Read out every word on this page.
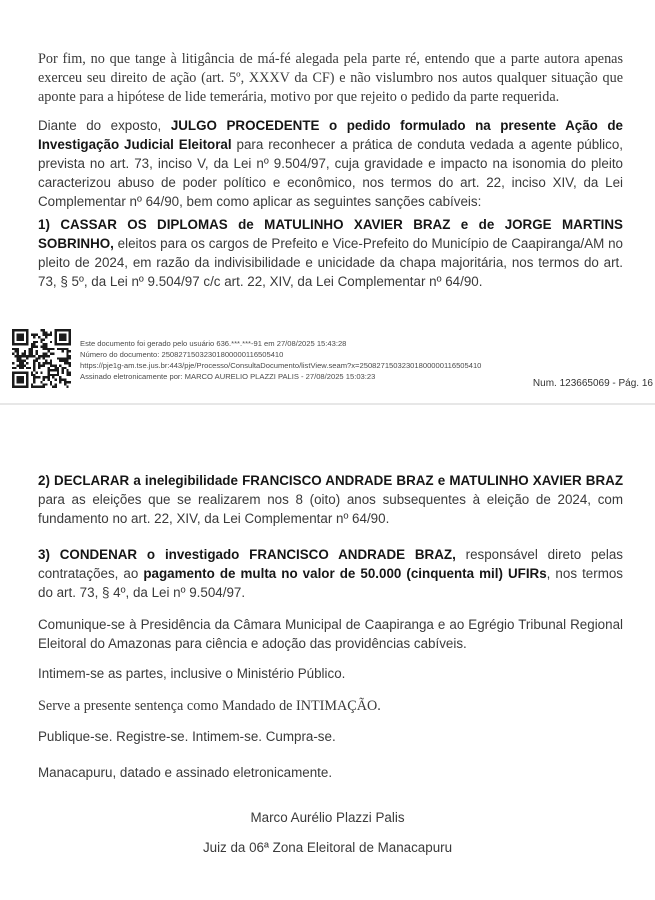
Por fim, no que tange à litigância de má-fé alegada pela parte ré, entendo que a parte autora apenas exerceu seu direito de ação (art. 5º, XXXV da CF) e não vislumbro nos autos qualquer situação que aponte para a hipótese de lide temerária, motivo por que rejeito o pedido da parte requerida.

Diante do exposto, JULGO PROCEDENTE o pedido formulado na presente Ação de Investigação Judicial Eleitoral para reconhecer a prática de conduta vedada a agente público, prevista no art. 73, inciso V, da Lei nº 9.504/97, cuja gravidade e impacto na isonomia do pleito caracterizou abuso de poder político e econômico, nos termos do art. 22, inciso XIV, da Lei Complementar nº 64/90, bem como aplicar as seguintes sanções cabíveis:

1) CASSAR OS DIPLOMAS de MATULINHO XAVIER BRAZ e de JORGE MARTINS SOBRINHO, eleitos para os cargos de Prefeito e Vice-Prefeito do Município de Caapiranga/AM no pleito de 2024, em razão da indivisibilidade e unicidade da chapa majoritária, nos termos do art. 73, § 5º, da Lei nº 9.504/97 c/c art. 22, XIV, da Lei Complementar nº 64/90.

Este documento foi gerado pelo usuário 636.***.***-91 em 27/08/2025 15:43:28
Número do documento: 25082715032301800000116505410
https://pje1g-am.tse.jus.br:443/pje/Processo/ConsultaDocumento/listView.seam?x=25082715032301800000116505410
Assinado eletronicamente por: MARCO AURELIO PLAZZI PALIS - 27/08/2025 15:03:23
Num. 123665069 - Pág. 16

2) DECLARAR a inelegibilidade FRANCISCO ANDRADE BRAZ e MATULINHO XAVIER BRAZ para as eleições que se realizarem nos 8 (oito) anos subsequentes à eleição de 2024, com fundamento no art. 22, XIV, da Lei Complementar nº 64/90.

3) CONDENAR o investigado FRANCISCO ANDRADE BRAZ, responsável direto pelas contratações, ao pagamento de multa no valor de 50.000 (cinquenta mil) UFIRs, nos termos do art. 73, § 4º, da Lei nº 9.504/97.

Comunique-se à Presidência da Câmara Municipal de Caapiranga e ao Egrégio Tribunal Regional Eleitoral do Amazonas para ciência e adoção das providências cabíveis.

Intimem-se as partes, inclusive o Ministério Público.

Serve a presente sentença como Mandado de INTIMAÇÃO.

Publique-se. Registre-se. Intimem-se. Cumpra-se.

Manacapuru, datado e assinado eletronicamente.

Marco Aurélio Plazzi Palis
Juiz da 06ª Zona Eleitoral de Manacapuru
